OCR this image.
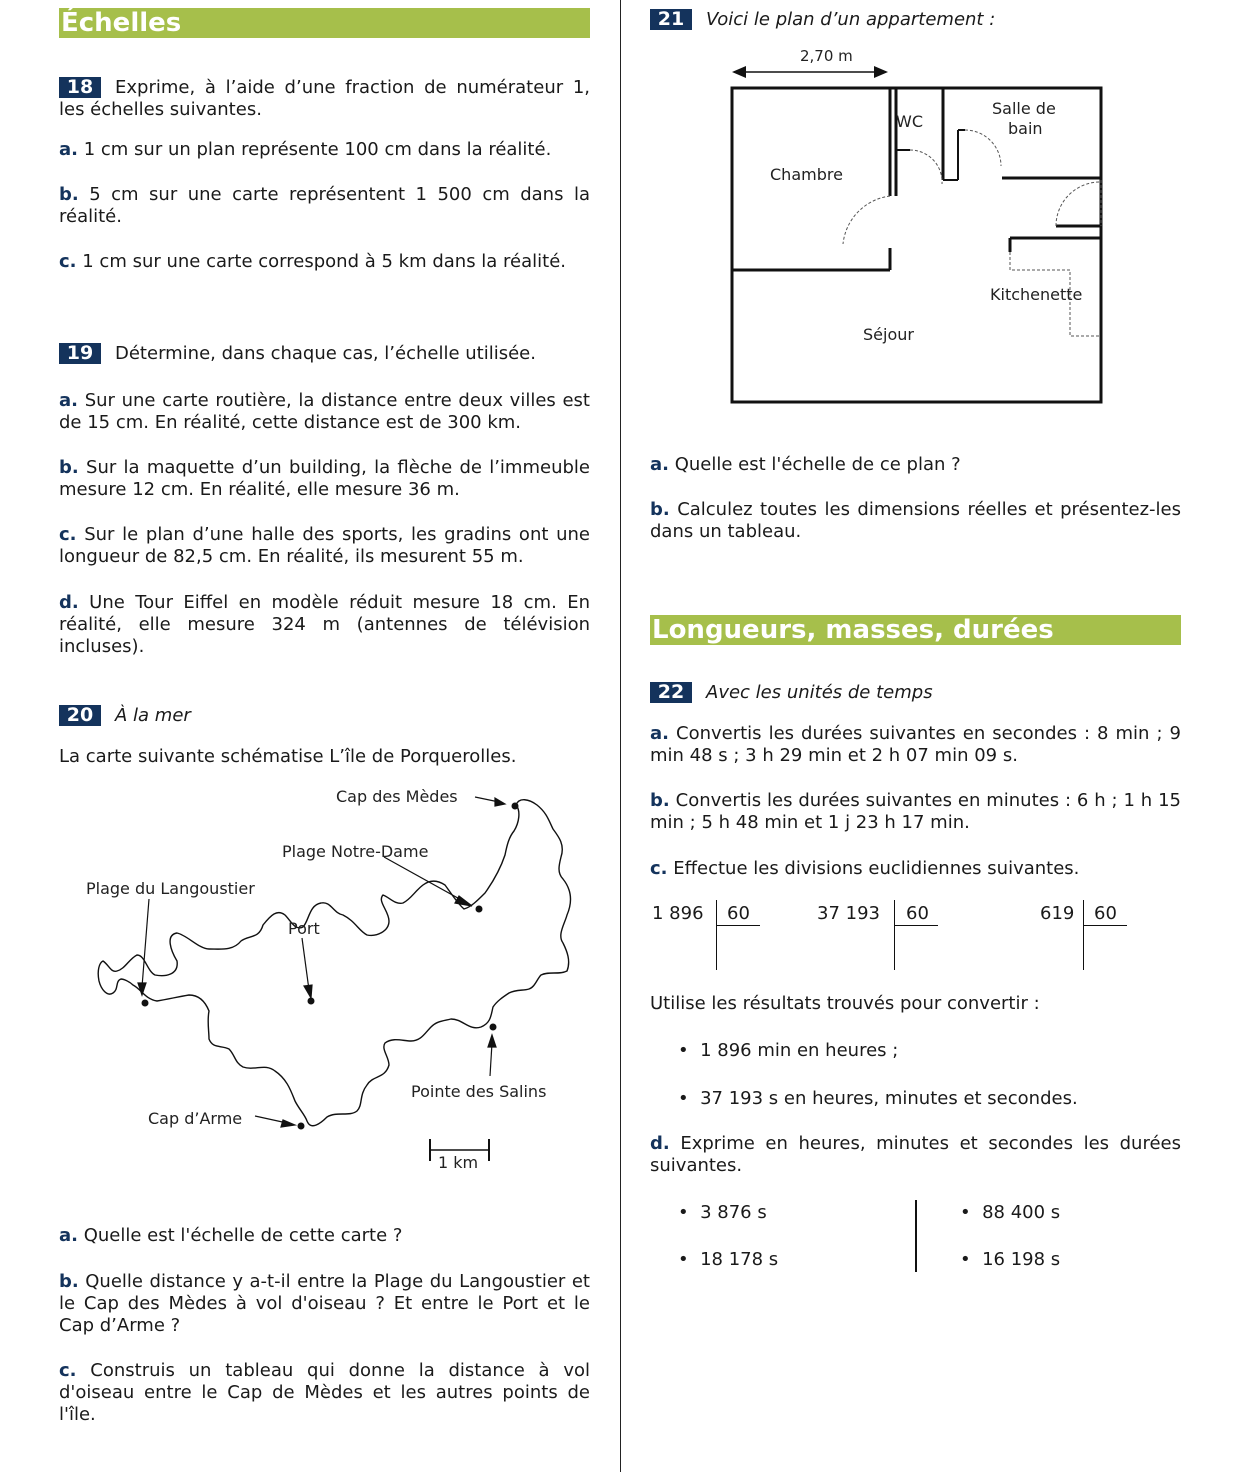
Échelles
18 Exprime, à l’aide d’une fraction de numérateur 1, les échelles suivantes.
a. 1 cm sur un plan représente 100 cm dans la réalité.
b. 5 cm sur une carte représentent 1 500 cm dans la réalité.
c. 1 cm sur une carte correspond à 5 km dans la réalité.
19 Détermine, dans chaque cas, l’échelle utilisée.
a. Sur une carte routière, la distance entre deux villes est de 15 cm. En réalité, cette distance est de 300 km.
b. Sur la maquette d’un building, la flèche de l’immeuble mesure 12 cm. En réalité, elle mesure 36 m.
c. Sur le plan d’une halle des sports, les gradins ont une longueur de 82,5 cm. En réalité, ils mesurent 55 m.
d. Une Tour Eiffel en modèle réduit mesure 18 cm. En réalité, elle mesure 324 m (antennes de télévision incluses).
20 À la mer
La carte suivante schématise L’île de Porquerolles.
Cap des Mèdes
Plage Notre-Dame
Plage du Langoustier
Port
Pointe des Salins
Cap d’Arme
1 km
a. Quelle est l'échelle de cette carte ?
b. Quelle distance y a-t-il entre la Plage du Langoustier et le Cap des Mèdes à vol d'oiseau ? Et entre le Port et le Cap d’Arme ?
c. Construis un tableau qui donne la distance à vol d'oiseau entre le Cap de Mèdes et les autres points de l'île.
21 Voici le plan d’un appartement :
2,70 m
WC
Salle de
bain
Chambre
Kitchenette
Séjour
a. Quelle est l'échelle de ce plan ?
b. Calculez toutes les dimensions réelles et présentez-les dans un tableau.
Longueurs, masses, durées
22 Avec les unités de temps
a. Convertis les durées suivantes en secondes : 8 min ; 9 min 48 s ; 3 h 29 min et 2 h 07 min 09 s.
b. Convertis les durées suivantes en minutes : 6 h ; 1 h 15 min ; 5 h 48 min et 1 j 23 h 17 min.
c. Effectue les divisions euclidiennes suivantes.
1 896 60	37 193 60	619 60
Utilise les résultats trouvés pour convertir :
•  1 896 min en heures ;
•  37 193 s en heures, minutes et secondes.
d. Exprime en heures, minutes et secondes les durées suivantes.
•  3 876 s
•  18 178 s
•  88 400 s
•  16 198 s
